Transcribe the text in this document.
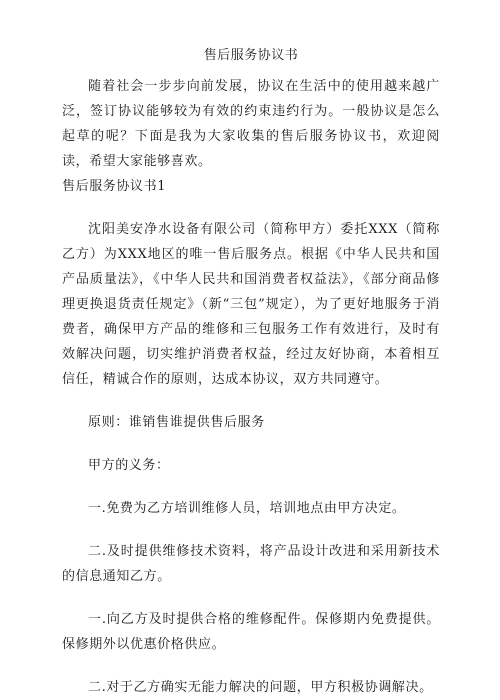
售后服务协议书

随着社会一步步向前发展，协议在生活中的使用越来越广泛，签订协议能够较为有效的约束违约行为。一般协议是怎么起草的呢？下面是我为大家收集的售后服务协议书，欢迎阅读，希望大家能够喜欢。

售后服务协议书1

沈阳美安净水设备有限公司（简称甲方）委托XXX（简称乙方）为XXX地区的唯一售后服务点。根据《中华人民共和国产品质量法》，《中华人民共和国消费者权益法》，《部分商品修理更换退货责任规定》（新“三包”规定），为了更好地服务于消费者，确保甲方产品的维修和三包服务工作有效进行，及时有效解决问题，切实维护消费者权益，经过友好协商，本着相互信任，精诚合作的原则，达成本协议，双方共同遵守。

原则：谁销售谁提供售后服务

甲方的义务：

一.免费为乙方培训维修人员，培训地点由甲方决定。

二.及时提供维修技术资料，将产品设计改进和采用新技术的信息通知乙方。

一.向乙方及时提供合格的维修配件。保修期内免费提供。保修期外以优惠价格供应。

二.对于乙方确实无能力解决的问题，甲方积极协调解决。
